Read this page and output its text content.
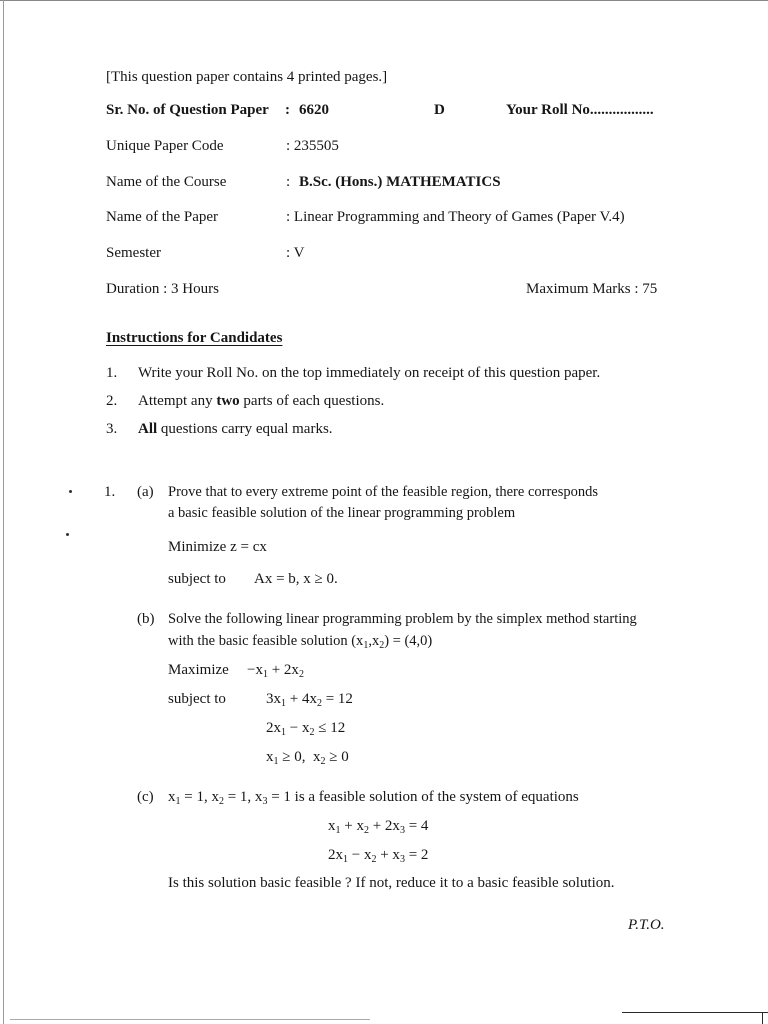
[This question paper contains 4 printed pages.]
Sr. No. of Question Paper : 6620	D	Your Roll No.................
Unique Paper Code	: 235505
Name of the Course	: B.Sc. (Hons.) MATHEMATICS
Name of the Paper	: Linear Programming and Theory of Games (Paper V.4)
Semester	: V
Duration : 3 Hours	Maximum Marks : 75
Instructions for Candidates
1. Write your Roll No. on the top immediately on receipt of this question paper.
2. Attempt any two parts of each questions.
3. All questions carry equal marks.
1. (a) Prove that to every extreme point of the feasible region, there corresponds
a basic feasible solution of the linear programming problem
Minimize z = cx
subject to Ax = b, x ≥ 0.
(b) Solve the following linear programming problem by the simplex method starting
with the basic feasible solution $(x_1,x_2) = (4,0)$
Maximize $-x_1 + 2x_2$
subject to	$3x_1 + 4x_2 = 12$
$2x_1 - x_2 \le 12$
$x_1 \ge 0$,  $x_2 \ge 0$
(c) $x_1 = 1$, $x_2 = 1$, $x_3 = 1$ is a feasible solution of the system of equations
$x_1 + x_2 + 2x_3 = 4$
$2x_1 - x_2 + x_3 = 2$
Is this solution basic feasible ? If not, reduce it to a basic feasible solution.
P.T.O.
